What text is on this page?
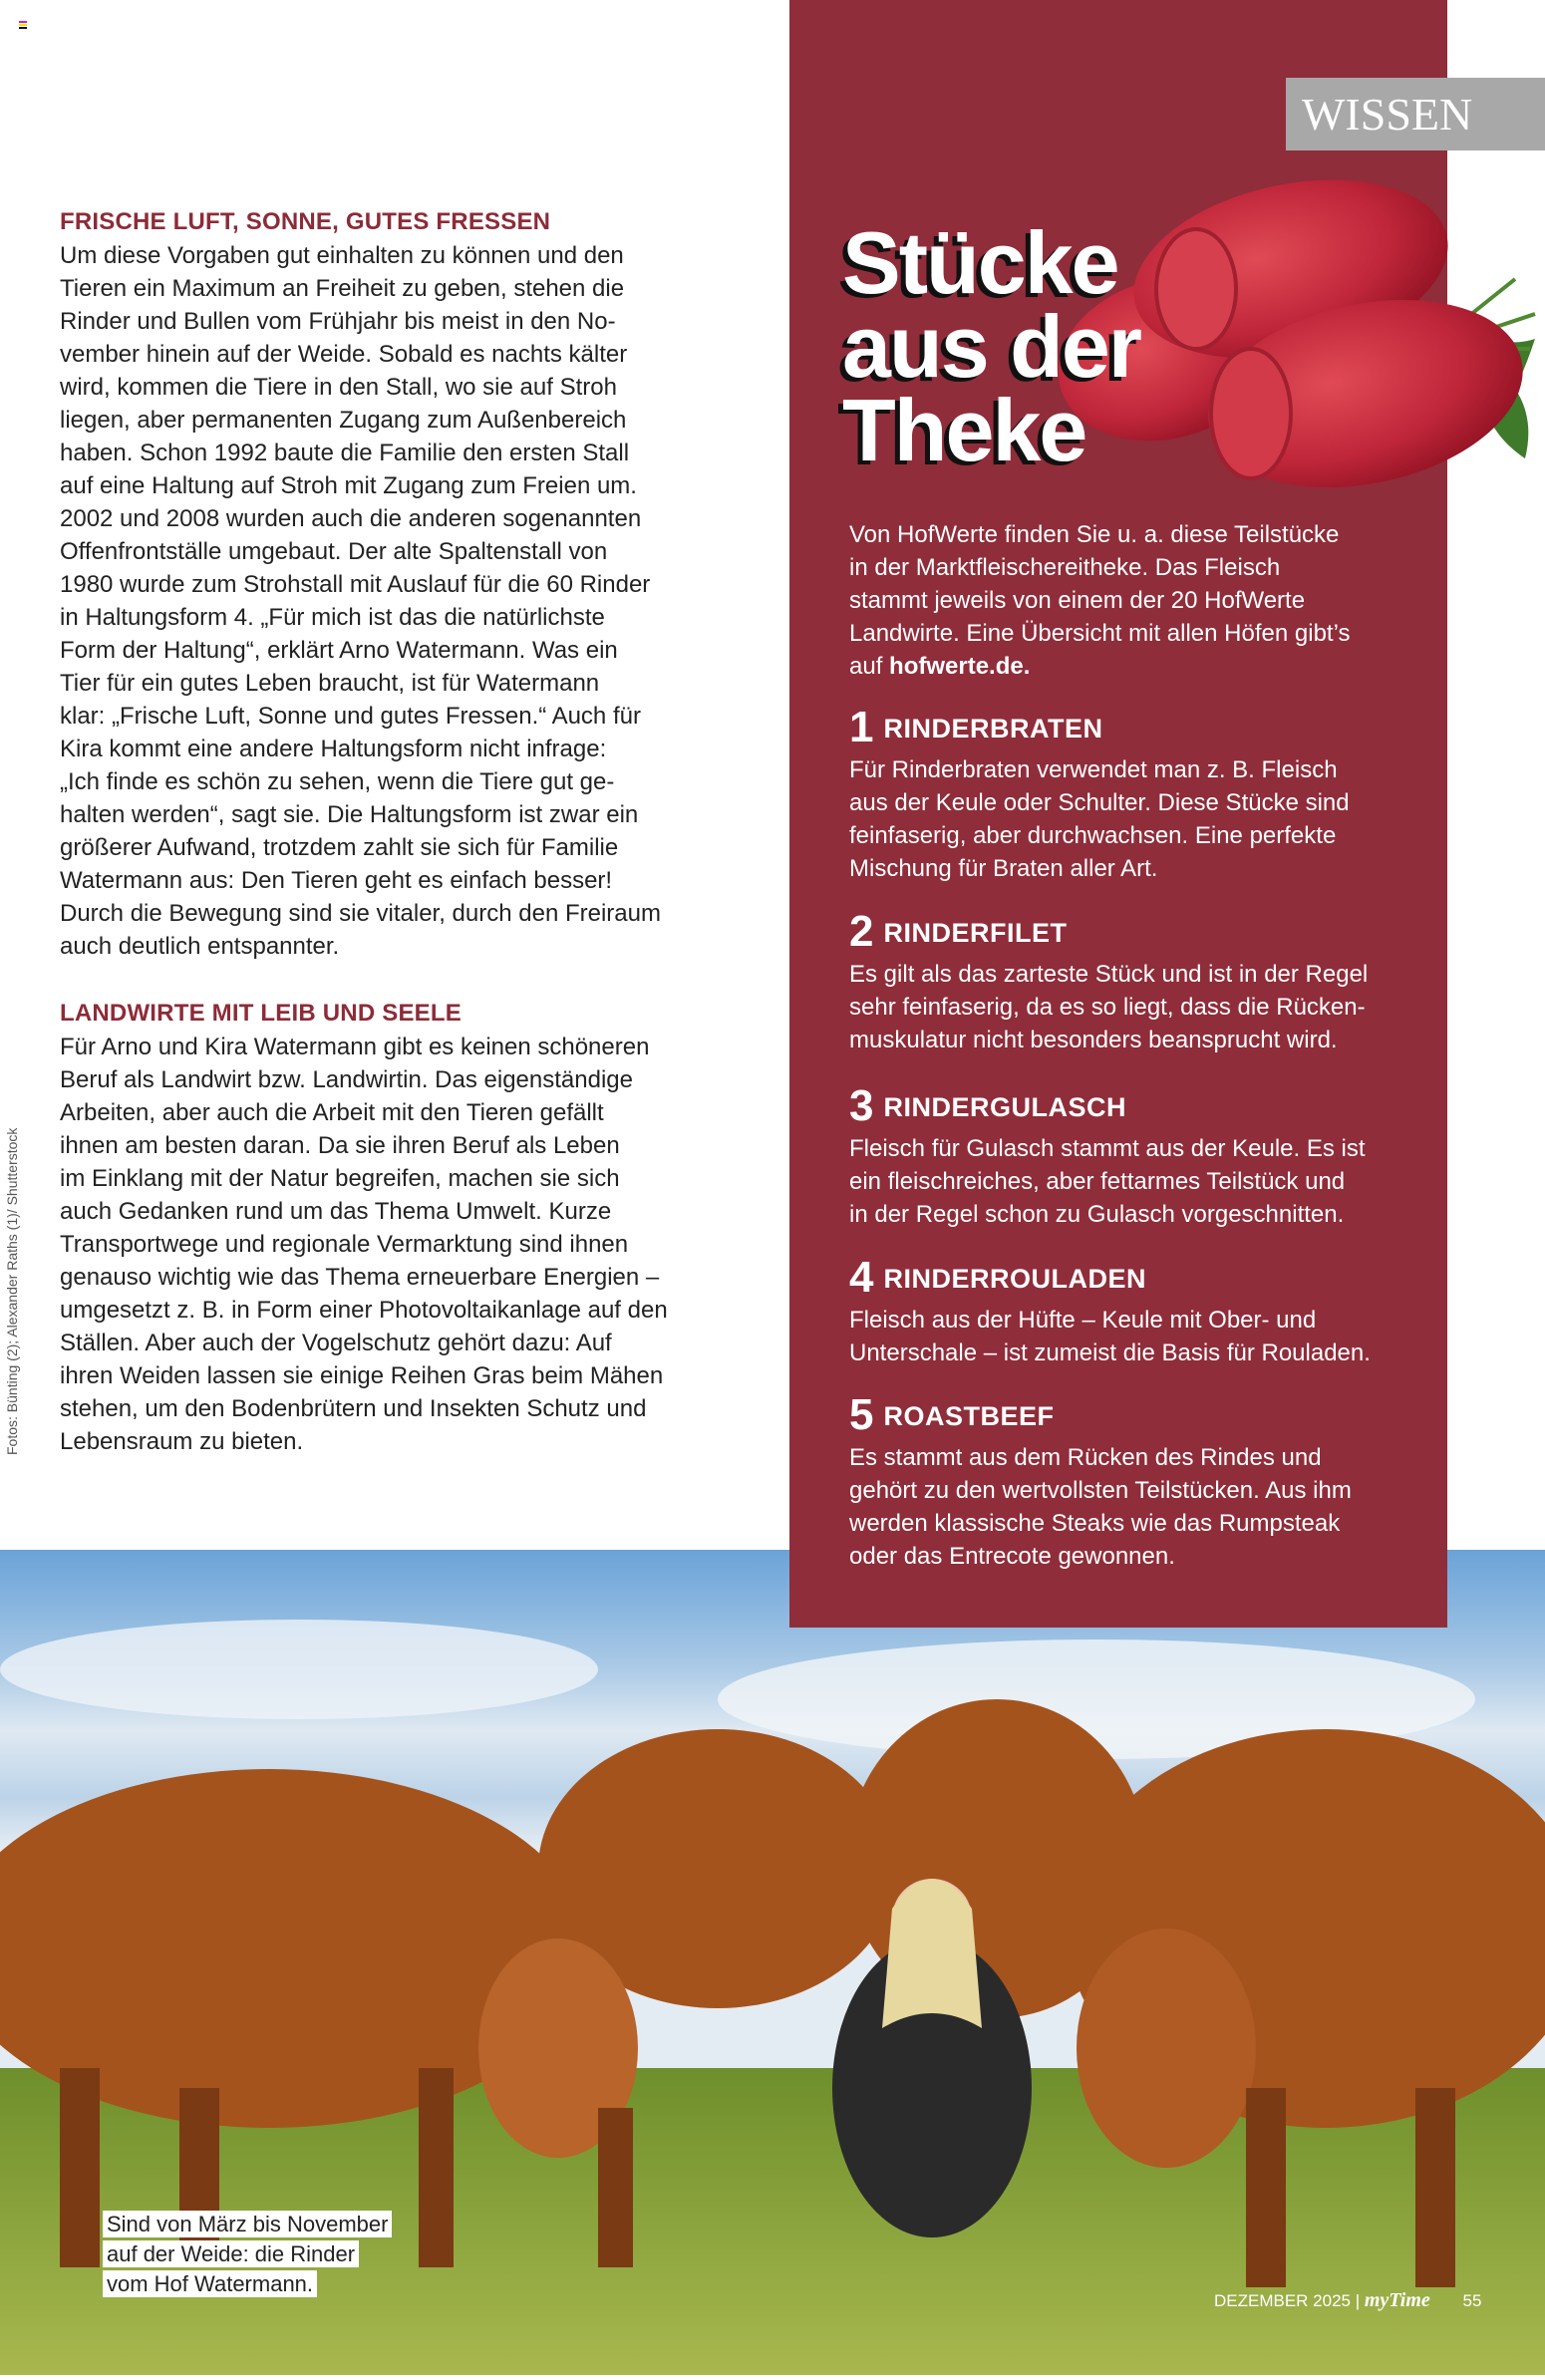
FRISCHE LUFT, SONNE, GUTES FRESSEN
Um diese Vorgaben gut einhalten zu können und den
Tieren ein Maximum an Freiheit zu geben, stehen die
Rinder und Bullen vom Frühjahr bis meist in den No-
vember hinein auf der Weide. Sobald es nachts kälter
wird, kommen die Tiere in den Stall, wo sie auf Stroh
liegen, aber permanenten Zugang zum Außenbereich
haben. Schon 1992 baute die Familie den ersten Stall
auf eine Haltung auf Stroh mit Zugang zum Freien um.
2002 und 2008 wurden auch die anderen sogenannten
Offenfrontställe umgebaut. Der alte Spaltenstall von
1980 wurde zum Strohstall mit Auslauf für die 60 Rinder
in Haltungsform 4. „Für mich ist das die natürlichste
Form der Haltung“, erklärt Arno Watermann. Was ein
Tier für ein gutes Leben braucht, ist für Watermann
klar: „Frische Luft, Sonne und gutes Fressen.“ Auch für
Kira kommt eine andere Haltungsform nicht infrage:
„Ich finde es schön zu sehen, wenn die Tiere gut ge-
halten werden“, sagt sie. Die Haltungsform ist zwar ein
größerer Aufwand, trotzdem zahlt sie sich für Familie
Watermann aus: Den Tieren geht es einfach besser!
Durch die Bewegung sind sie vitaler, durch den Freiraum
auch deutlich entspannter.
LANDWIRTE MIT LEIB UND SEELE
Für Arno und Kira Watermann gibt es keinen schöneren
Beruf als Landwirt bzw. Landwirtin. Das eigenständige
Arbeiten, aber auch die Arbeit mit den Tieren gefällt
ihnen am besten daran. Da sie ihren Beruf als Leben
im Einklang mit der Natur begreifen, machen sie sich
auch Gedanken rund um das Thema Umwelt. Kurze
Transportwege und regionale Vermarktung sind ihnen
genauso wichtig wie das Thema erneuerbare Energien –
umgesetzt z. B. in Form einer Photovoltaikanlage auf den
Ställen. Aber auch der Vogelschutz gehört dazu: Auf
ihren Weiden lassen sie einige Reihen Gras beim Mähen
stehen, um den Bodenbrütern und Insekten Schutz und
Lebensraum zu bieten.
WISSEN
Stücke
aus der
Theke
Von HofWerte finden Sie u. a. diese Teilstücke
in der Marktfleischereitheke. Das Fleisch
stammt jeweils von einem der 20 HofWerte
Landwirte. Eine Übersicht mit allen Höfen gibt’s
auf hofwerte.de.
1 RINDERBRATEN
Für Rinderbraten verwendet man z. B. Fleisch
aus der Keule oder Schulter. Diese Stücke sind
feinfaserig, aber durchwachsen. Eine perfekte
Mischung für Braten aller Art.
2 RINDERFILET
Es gilt als das zarteste Stück und ist in der Regel
sehr feinfaserig, da es so liegt, dass die Rücken-
muskulatur nicht besonders beansprucht wird.
3 RINDERGULASCH
Fleisch für Gulasch stammt aus der Keule. Es ist
ein fleischreiches, aber fettarmes Teilstück und
in der Regel schon zu Gulasch vorgeschnitten.
4 RINDERROULADEN
Fleisch aus der Hüfte – Keule mit Ober- und
Unterschale – ist zumeist die Basis für Rouladen.
5 ROASTBEEF
Es stammt aus dem Rücken des Rindes und
gehört zu den wertvollsten Teilstücken. Aus ihm
werden klassische Steaks wie das Rumpsteak
oder das Entrecote gewonnen.
Fotos: Bünting (2); Alexander Raths (1)/ Shutterstock
Sind von März bis November
auf der Weide: die Rinder
vom Hof Watermann.
DEZEMBER 2025 | myTime 55
